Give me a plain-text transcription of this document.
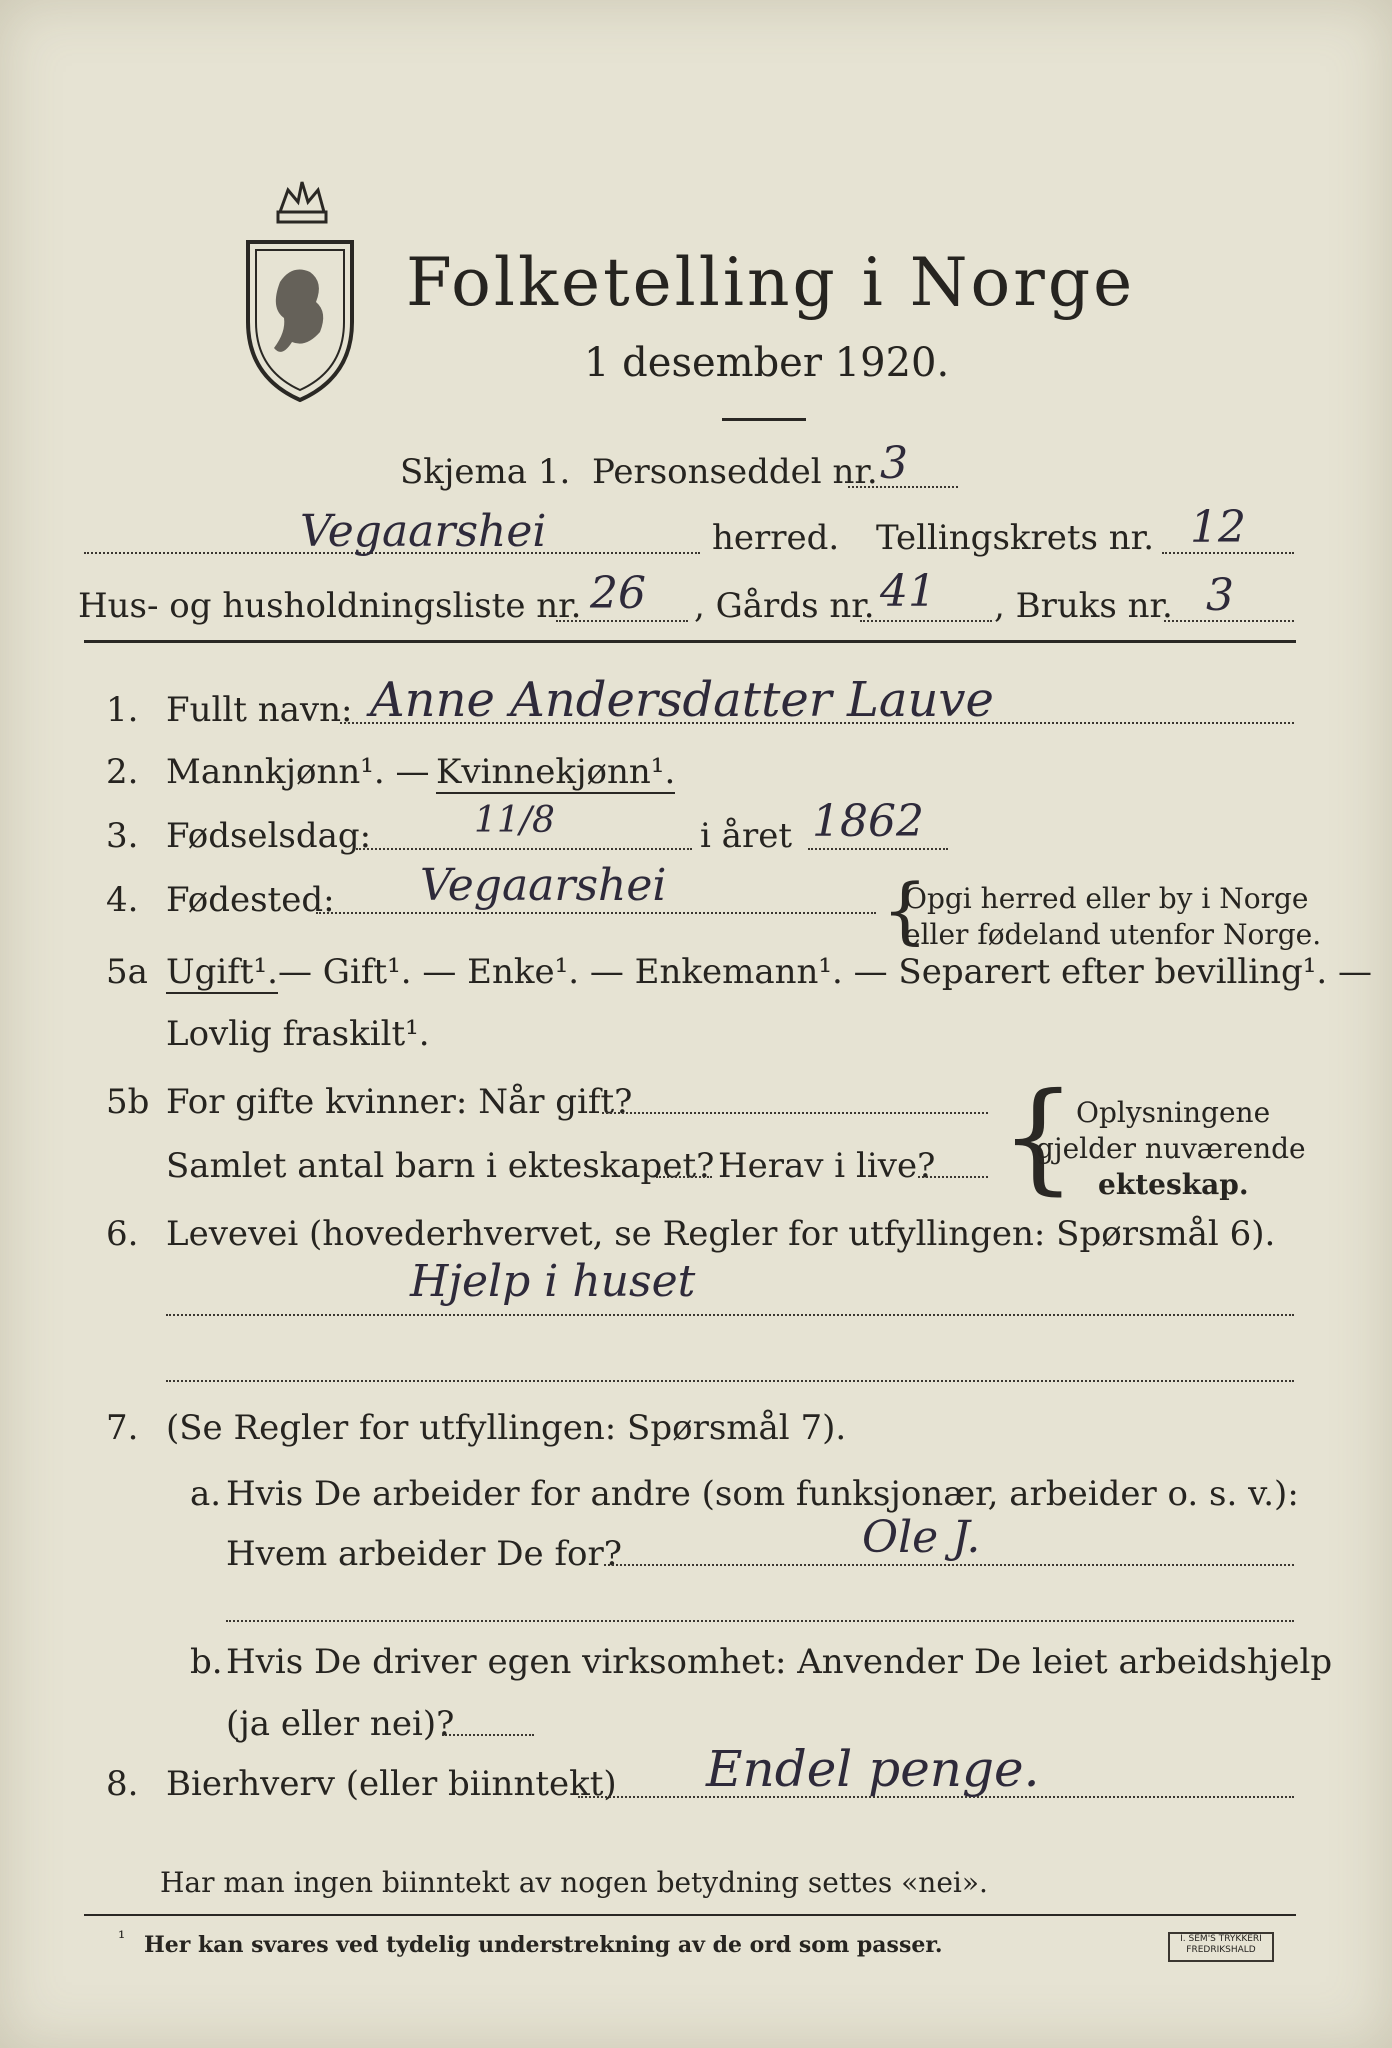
Folketelling i Norge
1 desember 1920.
Skjema 1. Personseddel nr. 3
Vegaarshei	herred. Tellingskrets nr. 12
Hus- og husholdningsliste nr. 26 , Gårds nr. 41 , Bruks nr. 3
1. Fullt navn: Anne Andersdatter Lauve
2. Mannkjønn¹. — Kvinnekjønn¹.
3. Fødselsdag:	11/8	i året 1862
4. Fødested: Vegaarshei	{
Opgi herred eller by i Norge
eller fødeland utenfor Norge.
5a Ugift¹. — Gift¹. — Enke¹. — Enkemann¹. — Separert efter bevilling¹. —
Lovlig fraskilt¹.
5b For gifte kvinner: Når gift?
Samlet antal barn i ekteskapet? Herav i live? { Oplysningene
gjelder nuværende
ekteskap.
6. Levevei (hovederhvervet, se Regler for utfyllingen: Spørsmål 6).
Hjelp i huset
7. (Se Regler for utfyllingen: Spørsmål 7).
a. Hvis De arbeider for andre (som funksjonær, arbeider o. s. v.):
Hvem arbeider De for?	Ole J.
b. Hvis De driver egen virksomhet: Anvender De leiet arbeidshjelp
(ja eller nei)?
8. Bierhverv (eller biinntekt) Endel penge.
Har man ingen biinntekt av nogen betydning settes «nei».
¹ Her kan svares ved tydelig understrekning av de ord som passer.	I. SEM'S TRYKKERI
FREDRIKSHALD
